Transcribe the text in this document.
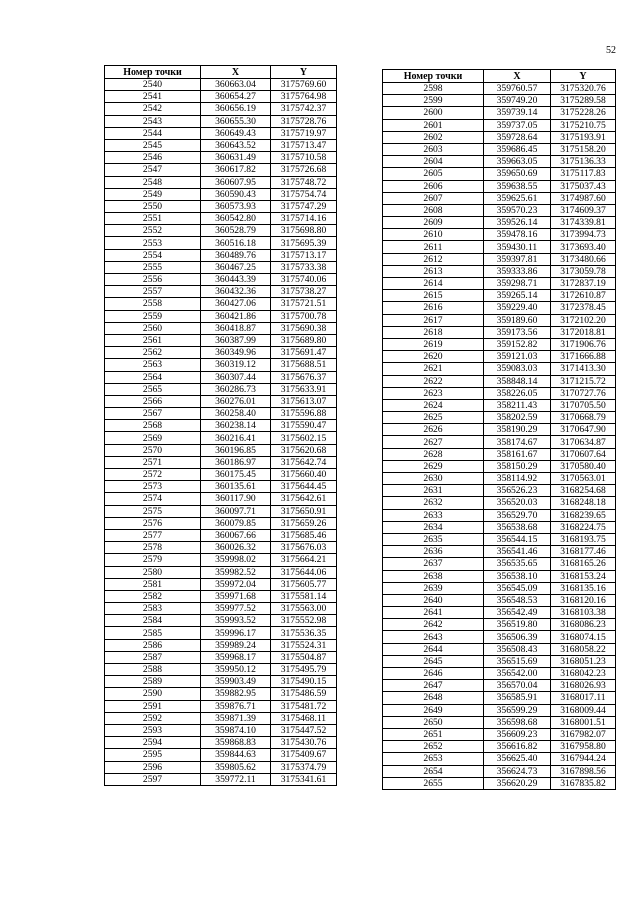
52
Номер точки	X	Y
2540	360663.04	3175769.60
2541	360654.27	3175764.98
2542	360656.19	3175742.37
2543	360655.30	3175728.76
2544	360649.43	3175719.97
2545	360643.52	3175713.47
2546	360631.49	3175710.58
2547	360617.82	3175726.68
2548	360607.95	3175748.72
2549	360590.43	3175754.74
2550	360573.93	3175747.29
2551	360542.80	3175714.16
2552	360528.79	3175698.80
2553	360516.18	3175695.39
2554	360489.76	3175713.17
2555	360467.25	3175733.38
2556	360443.39	3175740.06
2557	360432.36	3175738.27
2558	360427.06	3175721.51
2559	360421.86	3175700.78
2560	360418.87	3175690.38
2561	360387.99	3175689.80
2562	360349.96	3175691.47
2563	360319.12	3175688.51
2564	360307.44	3175676.37
2565	360286.73	3175633.91
2566	360276.01	3175613.07
2567	360258.40	3175596.88
2568	360238.14	3175590.47
2569	360216.41	3175602.15
2570	360196.85	3175620.68
2571	360186.97	3175642.74
2572	360175.45	3175660.40
2573	360135.61	3175644.45
2574	360117.90	3175642.61
2575	360097.71	3175650.91
2576	360079.85	3175659.26
2577	360067.66	3175685.46
2578	360026.32	3175676.03
2579	359998.02	3175664.21
2580	359982.52	3175644.06
2581	359972.04	3175605.77
2582	359971.68	3175581.14
2583	359977.52	3175563.00
2584	359993.52	3175552.98
2585	359996.17	3175536.35
2586	359989.24	3175524.31
2587	359968.17	3175504.87
2588	359950.12	3175495.79
2589	359903.49	3175490.15
2590	359882.95	3175486.59
2591	359876.71	3175481.72
2592	359871.39	3175468.11
2593	359874.10	3175447.52
2594	359868.83	3175430.76
2595	359844.63	3175409.67
2596	359805.62	3175374.79
2597	359772.11	3175341.61
Номер точки	X	Y
2598	359760.57	3175320.76
2599	359749.20	3175289.58
2600	359739.14	3175228.26
2601	359737.05	3175210.75
2602	359728.64	3175193.91
2603	359686.45	3175158.20
2604	359663.05	3175136.33
2605	359650.69	3175117.83
2606	359638.55	3175037.43
2607	359625.61	3174987.60
2608	359570.23	3174609.37
2609	359526.14	3174339.81
2610	359478.16	3173994.73
2611	359430.11	3173693.40
2612	359397.81	3173480.66
2613	359333.86	3173059.78
2614	359298.71	3172837.19
2615	359265.14	3172610.87
2616	359229.40	3172378.45
2617	359189.60	3172102.20
2618	359173.56	3172018.81
2619	359152.82	3171906.76
2620	359121.03	3171666.88
2621	359083.03	3171413.30
2622	358848.14	3171215.72
2623	358226.05	3170727.76
2624	358211.43	3170705.50
2625	358202.59	3170668.79
2626	358190.29	3170647.90
2627	358174.67	3170634.87
2628	358161.67	3170607.64
2629	358150.29	3170580.40
2630	358114.92	3170563.01
2631	356526.23	3168254.68
2632	356520.03	3168248.18
2633	356529.70	3168239.65
2634	356538.68	3168224.75
2635	356544.15	3168193.75
2636	356541.46	3168177.46
2637	356535.65	3168165.26
2638	356538.10	3168153.24
2639	356545.09	3168135.16
2640	356548.53	3168120.16
2641	356542.49	3168103.38
2642	356519.80	3168086.23
2643	356506.39	3168074.15
2644	356508.43	3168058.22
2645	356515.69	3168051.23
2646	356542.00	3168042.23
2647	356570.04	3168026.93
2648	356585.91	3168017.11
2649	356599.29	3168009.44
2650	356598.68	3168001.51
2651	356609.23	3167982.07
2652	356616.82	3167958.80
2653	356625.40	3167944.24
2654	356624.73	3167898.56
2655	356620.29	3167835.82
